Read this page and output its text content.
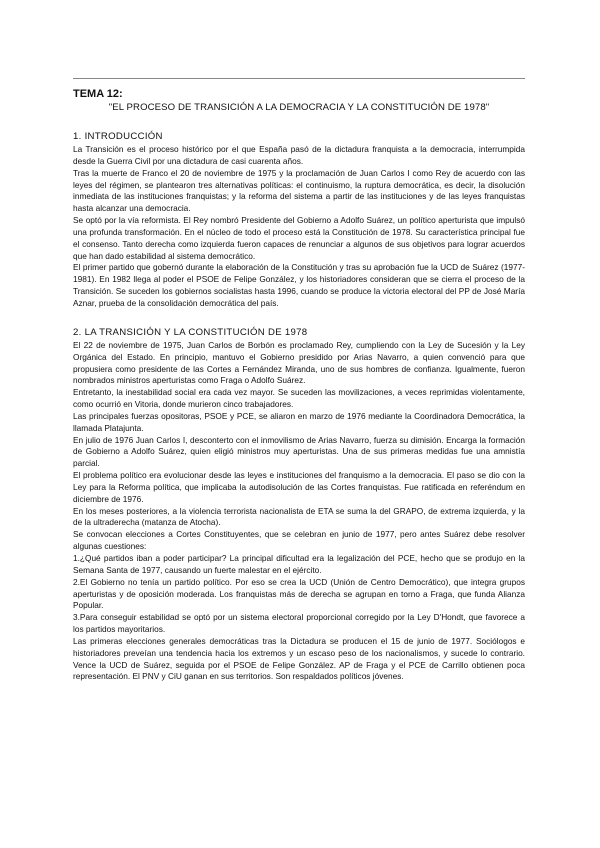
TEMA 12:
"EL PROCESO DE TRANSICIÓN A LA DEMOCRACIA Y LA CONSTITUCIÓN DE 1978"
1. INTRODUCCIÓN

La Transición es el proceso histórico por el que España pasó de la dictadura franquista a la democracia, interrumpida desde la Guerra Civil por una dictadura de casi cuarenta años.

Tras la muerte de Franco el 20 de noviembre de 1975 y la proclamación de Juan Carlos I como Rey de acuerdo con las leyes del régimen, se plantearon tres alternativas políticas: el continuismo, la ruptura democrática, es decir, la disolución inmediata de las instituciones franquistas; y la reforma del sistema a partir de las instituciones y de las leyes franquistas hasta alcanzar una democracia.

Se optó por la vía reformista. El Rey nombró Presidente del Gobierno a Adolfo Suárez, un político aperturista que impulsó una profunda transformación. En el núcleo de todo el proceso está la Constitución de 1978. Su característica principal fue el consenso. Tanto derecha como izquierda fueron capaces de renunciar a algunos de sus objetivos para lograr acuerdos que han dado estabilidad al sistema democrático.

El primer partido que gobernó durante la elaboración de la Constitución y tras su aprobación fue la UCD de Suárez (1977-1981). En 1982 llega al poder el PSOE de Felipe González, y los historiadores consideran que se cierra el proceso de la Transición. Se suceden los gobiernos socialistas hasta 1996, cuando se produce la victoria electoral del PP de José María Aznar, prueba de la consolidación democrática del país.

2. LA TRANSICIÓN Y LA CONSTITUCIÓN DE 1978

El 22 de noviembre de 1975, Juan Carlos de Borbón es proclamado Rey, cumpliendo con la Ley de Sucesión y la Ley Orgánica del Estado. En principio, mantuvo el Gobierno presidido por Arias Navarro, a quien convenció para que propusiera como presidente de las Cortes a Fernández Miranda, uno de sus hombres de confianza. Igualmente, fueron nombrados ministros aperturistas como Fraga o Adolfo Suárez.

Entretanto, la inestabilidad social era cada vez mayor. Se suceden las movilizaciones, a veces reprimidas violentamente, como ocurrió en Vitoria, donde murieron cinco trabajadores.

Las principales fuerzas opositoras, PSOE y PCE, se aliaron en marzo de 1976 mediante la Coordinadora Democrática, la llamada Platajunta.

En julio de 1976 Juan Carlos I, desconterto con el inmovilismo de Arias Navarro, fuerza su dimisión. Encarga la formación de Gobierno a Adolfo Suárez, quien eligió ministros muy aperturistas. Una de sus primeras medidas fue una amnistía parcial.

El problema político era evolucionar desde las leyes e instituciones del franquismo a la democracia. El paso se dio con la Ley para la Reforma política, que implicaba la autodisolución de las Cortes franquistas. Fue ratificada en referéndum en diciembre de 1976.

En los meses posteriores, a la violencia terrorista nacionalista de ETA se suma la del GRAPO, de extrema izquierda, y la de la ultraderecha (matanza de Atocha).

Se convocan elecciones a Cortes Constituyentes, que se celebran en junio de 1977, pero antes Suárez debe resolver algunas cuestiones:

1.¿Qué partidos iban a poder participar? La principal dificultad era la legalización del PCE, hecho que se produjo en la Semana Santa de 1977, causando un fuerte malestar en el ejército.

2.El Gobierno no tenía un partido político. Por eso se crea la UCD (Unión de Centro Democrático), que integra grupos aperturistas y de oposición moderada. Los franquistas más de derecha se agrupan en torno a Fraga, que funda Alianza Popular.

3.Para conseguir estabilidad se optó por un sistema electoral proporcional corregido por la Ley D'Hondt, que favorece a los partidos mayoritarios.

Las primeras elecciones generales democráticas tras la Dictadura se producen el 15 de junio de 1977. Sociólogos e historiadores preveían una tendencia hacia los extremos y un escaso peso de los nacionalismos, y sucede lo contrario. Vence la UCD de Suárez, seguida por el PSOE de Felipe González. AP de Fraga y el PCE de Carrillo obtienen poca representación. El PNV y CiU ganan en sus territorios. Son respaldados políticos jóvenes.
